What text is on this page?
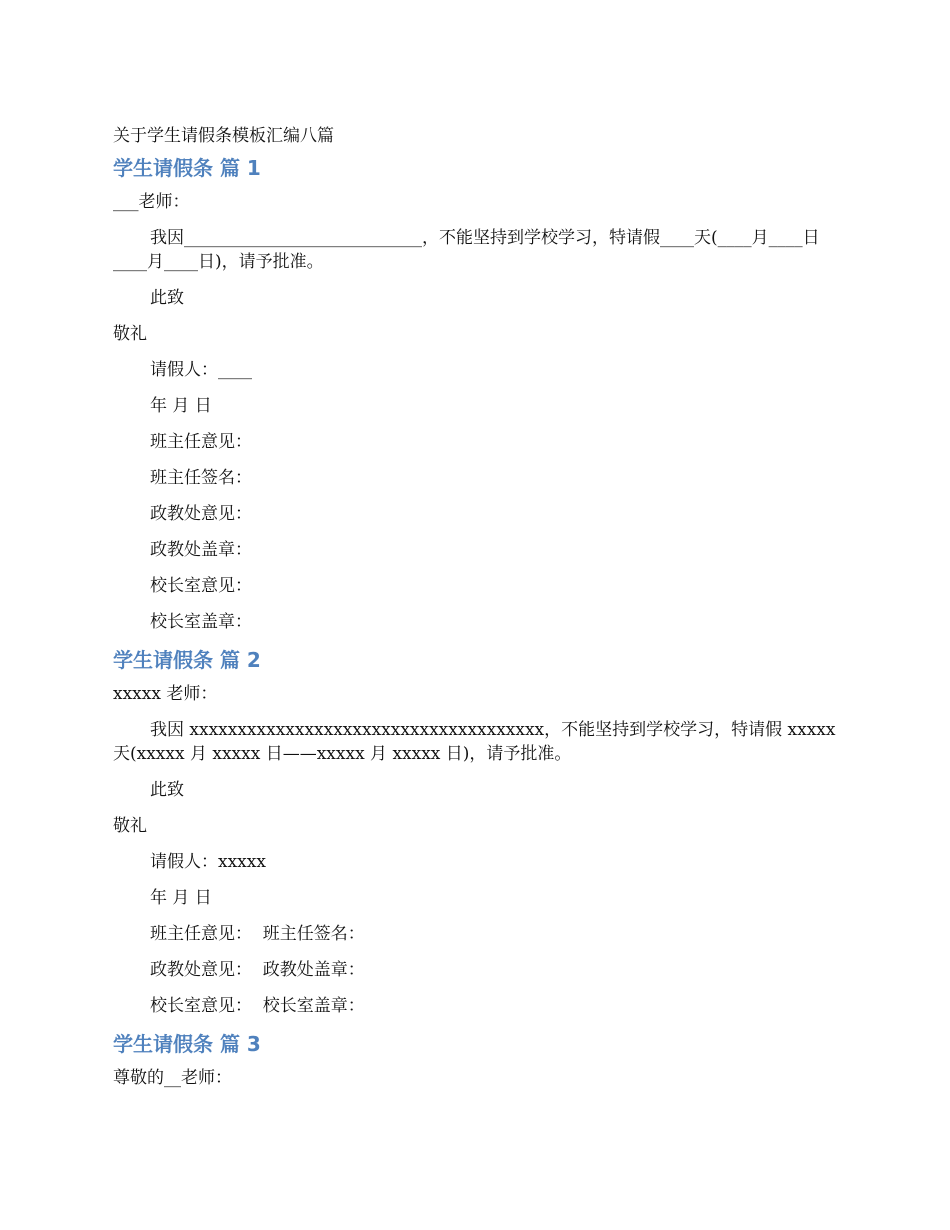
关于学生请假条模板汇编八篇
学生请假条 篇 1

___老师：

我因____________________________，不能坚持到学校学习，特请假____天(____月____日____月____日)，请予批准。

此致

敬礼

请假人：____

年 月 日

班主任意见：

班主任签名：

政教处意见：

政教处盖章：

校长室意见：

校长室盖章：

学生请假条 篇 2

xxxxx 老师：

我因 xxxxxxxxxxxxxxxxxxxxxxxxxxxxxxxxxxxxx，不能坚持到学校学习，特请假 xxxxx 天(xxxxx 月 xxxxx 日——xxxxx 月 xxxxx 日)，请予批准。

此致

敬礼

请假人：xxxxx

年 月 日

班主任意见：  班主任签名：

政教处意见：  政教处盖章：

校长室意见：  校长室盖章：

学生请假条 篇 3

尊敬的__老师：
